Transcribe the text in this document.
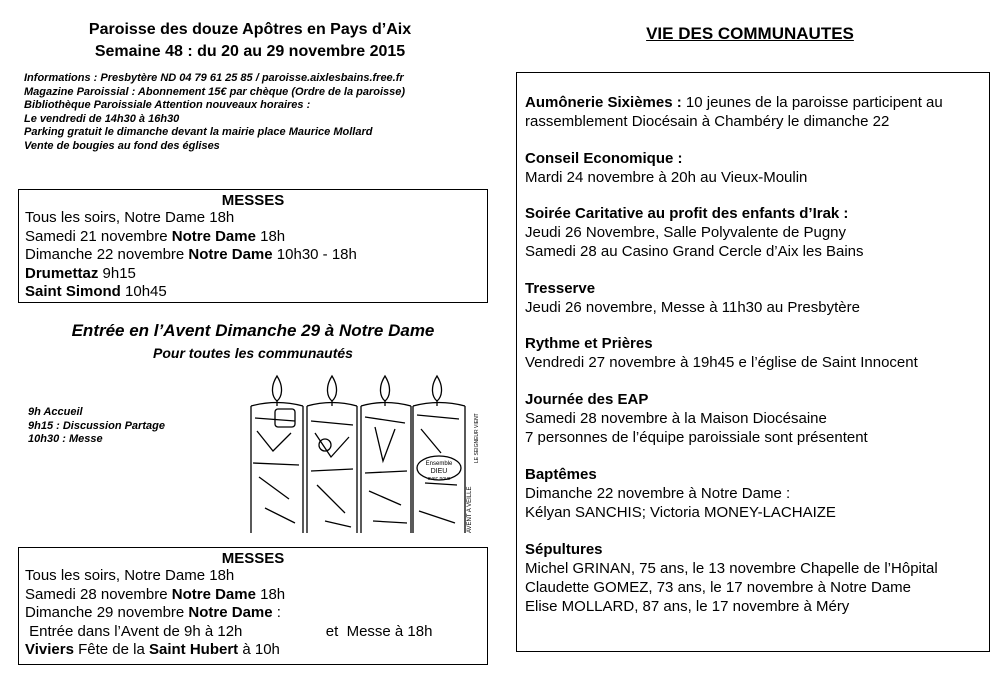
Paroisse des douze Apôtres en Pays d’Aix
Semaine 48 : du 20 au 29 novembre 2015
Informations : Presbytère ND 04 79 61 25 85 / paroisse.aixlesbains.free.fr
Magazine Paroissial : Abonnement 15€ par chèque (Ordre de la paroisse)
Bibliothèque Paroissiale Attention nouveaux horaires :
Le vendredi de 14h30 à 16h30
Parking gratuit le dimanche devant la mairie place Maurice Mollard
Vente de bougies au fond des églises
MESSES
Tous les soirs, Notre Dame 18h
Samedi 21 novembre Notre Dame 18h
Dimanche 22 novembre Notre Dame 10h30 - 18h
Drumettaz 9h15
Saint Simond 10h45
Entrée en l’Avent Dimanche 29 à Notre Dame
Pour toutes les communautés
9h Accueil
9h15 : Discussion Partage
10h30 : Messe
Ensemble
DIEU
avec nous
AVENT A VEILLE
LE SEIGNEUR VIENT
MESSES
Tous les soirs, Notre Dame 18h
Samedi 28 novembre Notre Dame 18h
Dimanche 29 novembre Notre Dame :
Entrée dans l’Avent de 9h à 12h                    et  Messe à 18h
Viviers Fête de la Saint Hubert à 10h
VIE DES COMMUNAUTES
Aumônerie Sixièmes : 10 jeunes de la paroisse participent au
rassemblement Diocésain à Chambéry le dimanche 22
Conseil Economique :
Mardi 24 novembre à 20h au Vieux-Moulin
Soirée Caritative au profit des enfants d’Irak :
Jeudi 26 Novembre, Salle Polyvalente de Pugny
Samedi 28 au Casino Grand Cercle d’Aix les Bains
Tresserve
Jeudi 26 novembre, Messe à 11h30 au Presbytère
Rythme et Prières
Vendredi 27 novembre à 19h45 e l’église de Saint Innocent
Journée des EAP
Samedi 28 novembre à la Maison Diocésaine
7 personnes de l’équipe paroissiale sont présentent
Baptêmes
Dimanche 22 novembre à Notre Dame :
Kélyan SANCHIS; Victoria MONEY-LACHAIZE
Sépultures
Michel GRINAN, 75 ans, le 13 novembre Chapelle de l’Hôpital
Claudette GOMEZ, 73 ans, le 17 novembre à Notre Dame
Elise MOLLARD, 87 ans, le 17 novembre à Méry
